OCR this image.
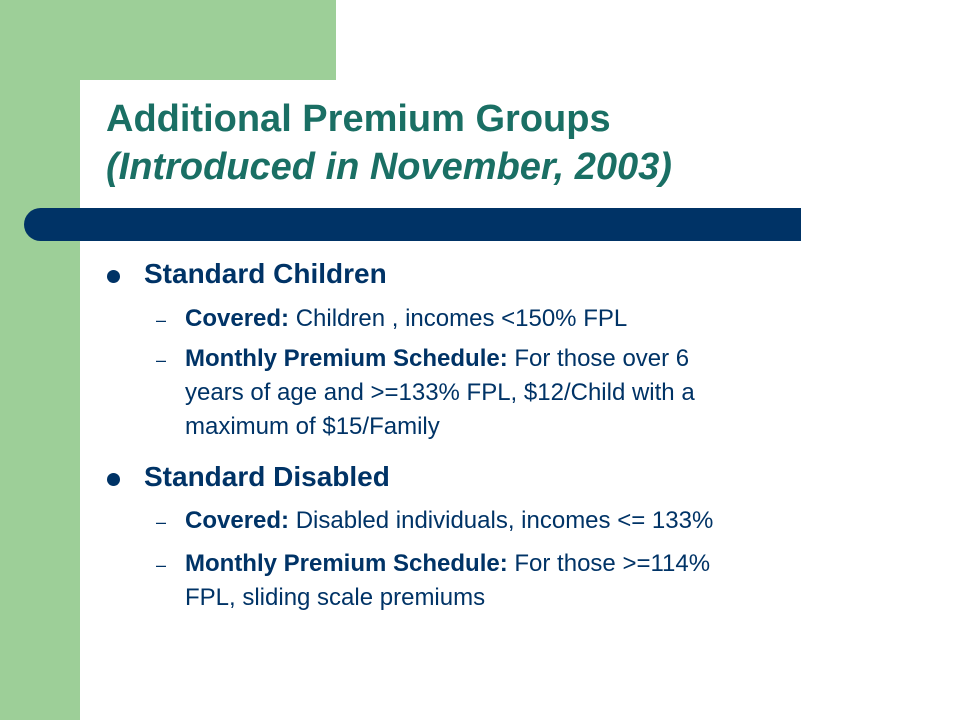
Additional Premium Groups
(Introduced in November, 2003)
Standard Children
– Covered: Children , incomes <150% FPL
– Monthly Premium Schedule: For those over 6
years of age and >=133% FPL, $12/Child with a
maximum of $15/Family
Standard Disabled
– Covered: Disabled individuals, incomes <= 133%
– Monthly Premium Schedule: For those >=114%
FPL, sliding scale premiums
